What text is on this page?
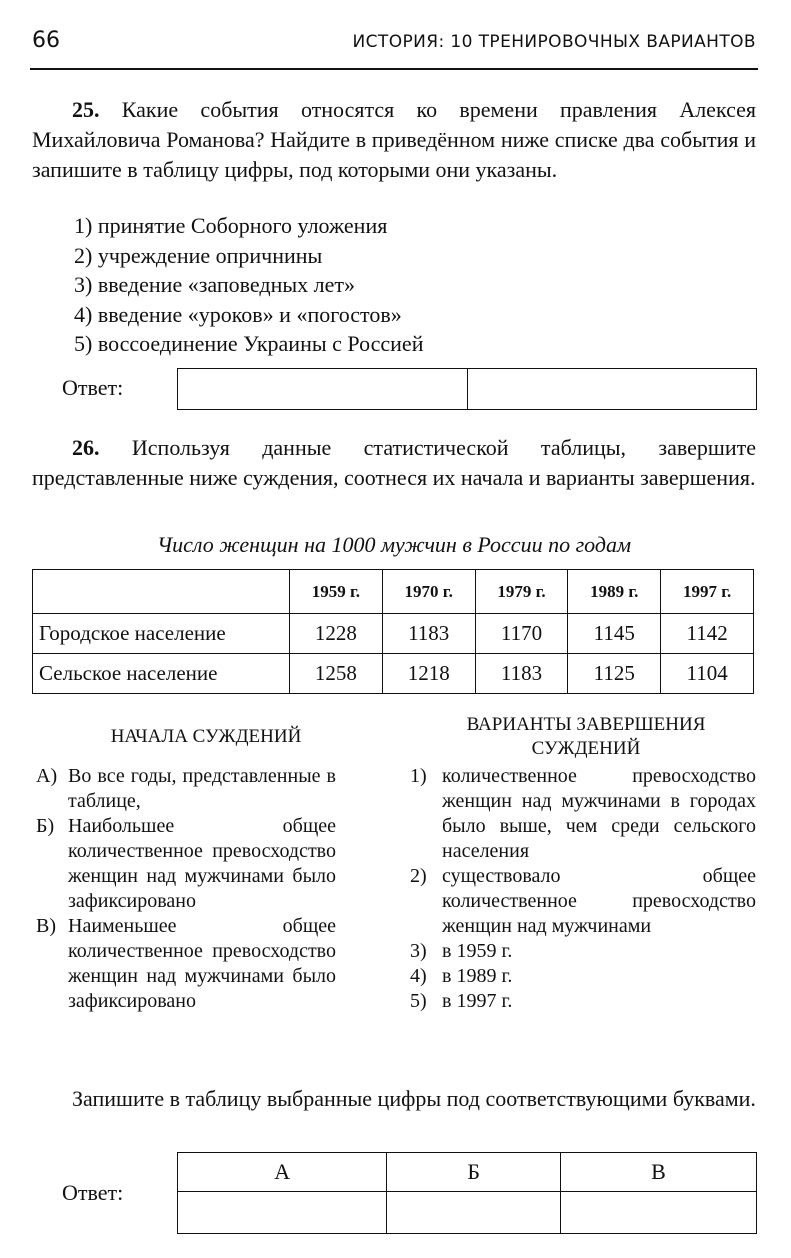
66	ИСТОРИЯ: 10 ТРЕНИРОВОЧНЫХ ВАРИАНТОВ
25. Какие события относятся ко времени правления Алексея Михайловича Романова? Найдите в приведённом ниже списке два события и запишите в таблицу цифры, под которыми они указаны.
1) принятие Соборного уложения
2) учреждение опричнины
3) введение «заповедных лет»
4) введение «уроков» и «погостов»
5) воссоединение Украины с Россией
Ответ:

26. Используя данные статистической таблицы, завершите представленные ниже суждения, соотнеся их начала и варианты завершения.
Число женщин на 1000 мужчин в России по годам
	1959 г.	1970 г.	1979 г.	1989 г.	1997 г.
Городское население	1228	1183	1170	1145	1142
Сельское население	1258	1218	1183	1125	1104
НАЧАЛА СУЖДЕНИЙ
ВАРИАНТЫ ЗАВЕРШЕНИЯ СУЖДЕНИЙ
А) Во все годы, представленные в таблице,
Б) Наибольшее общее количественное превосходство женщин над мужчинами было зафиксировано
В) Наименьшее общее количественное превосходство женщин над мужчинами было зафиксировано
1) количественное превосходство женщин над мужчинами в городах было выше, чем среди сельского населения
2) существовало общее количественное превосходство женщин над мужчинами
3) в 1959 г.
4) в 1989 г.
5) в 1997 г.
Запишите в таблицу выбранные цифры под соответствующими буквами.
Ответ:
А	Б	В
